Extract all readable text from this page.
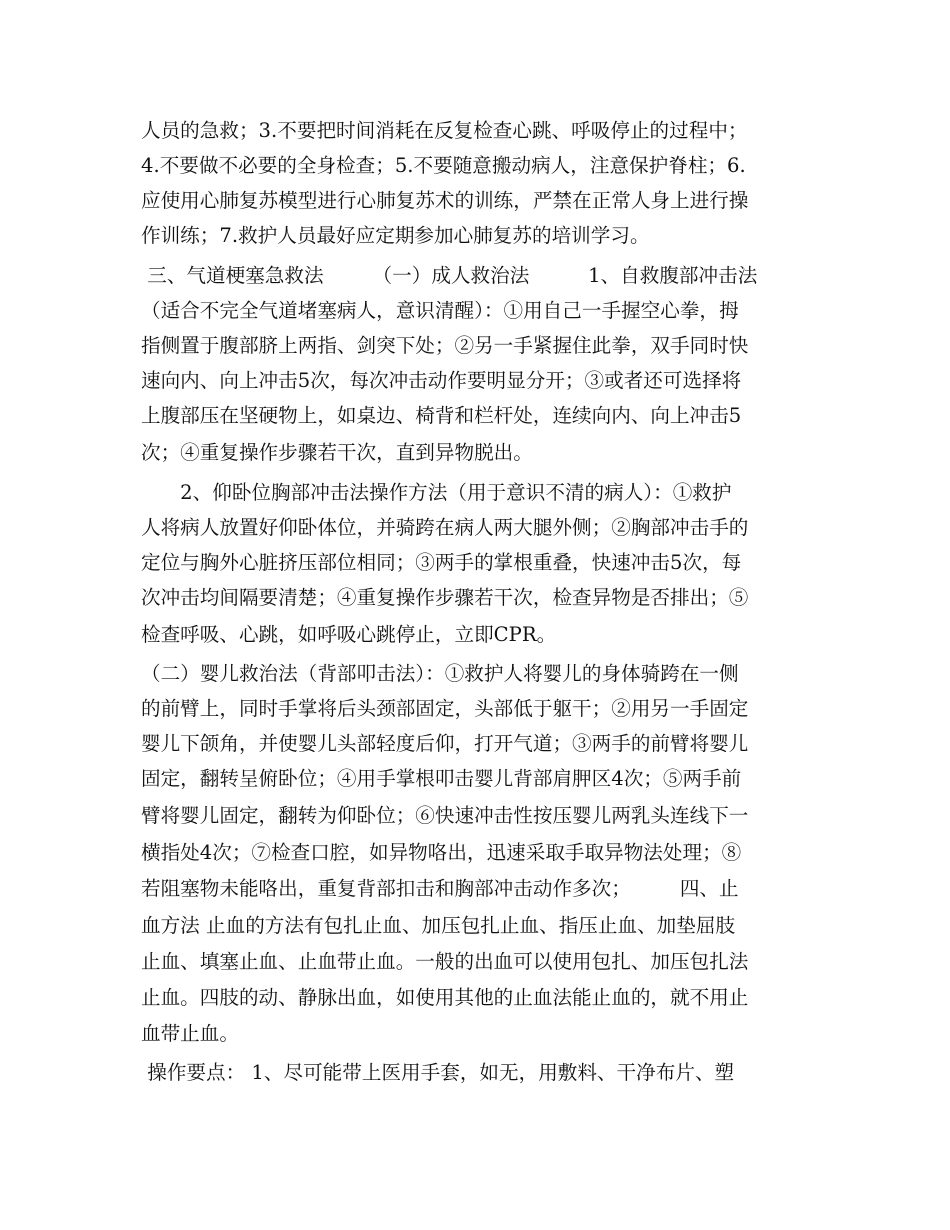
人员的急救；3.不要把时间消耗在反复检查心跳、呼吸停止的过程中；
4.不要做不必要的全身检查；5.不要随意搬动病人，注意保护脊柱；6.
应使用心肺复苏模型进行心肺复苏术的训练，严禁在正常人身上进行操
作训练；7.救护人员最好应定期参加心肺复苏的培训学习。
三、气道梗塞急救法　　　（一）成人救治法　　　1、自救腹部冲击法
（适合不完全气道堵塞病人，意识清醒）：①用自己一手握空心拳，拇
指侧置于腹部脐上两指、剑突下处；②另一手紧握住此拳，双手同时快
速向内、向上冲击5次，每次冲击动作要明显分开；③或者还可选择将
上腹部压在坚硬物上，如桌边、椅背和栏杆处，连续向内、向上冲击5
次；④重复操作步骤若干次，直到异物脱出。
　　2、仰卧位胸部冲击法操作方法（用于意识不清的病人）：①救护
人将病人放置好仰卧体位，并骑跨在病人两大腿外侧；②胸部冲击手的
定位与胸外心脏挤压部位相同；③两手的掌根重叠，快速冲击5次，每
次冲击均间隔要清楚；④重复操作步骤若干次，检查异物是否排出；⑤
检查呼吸、心跳，如呼吸心跳停止，立即CPR。
（二）婴儿救治法（背部叩击法）：①救护人将婴儿的身体骑跨在一侧
的前臂上，同时手掌将后头颈部固定，头部低于躯干；②用另一手固定
婴儿下颌角，并使婴儿头部轻度后仰，打开气道；③两手的前臂将婴儿
固定，翻转呈俯卧位；④用手掌根叩击婴儿背部肩胛区4次；⑤两手前
臂将婴儿固定，翻转为仰卧位；⑥快速冲击性按压婴儿两乳头连线下一
横指处4次；⑦检查口腔，如异物咯出，迅速采取手取异物法处理；⑧
若阻塞物未能咯出，重复背部扣击和胸部冲击动作多次；　　　四、止
血方法 止血的方法有包扎止血、加压包扎止血、指压止血、加垫屈肢
止血、填塞止血、止血带止血。一般的出血可以使用包扎、加压包扎法
止血。四肢的动、静脉出血，如使用其他的止血法能止血的，就不用止
血带止血。
操作要点： 1、尽可能带上医用手套，如无，用敷料、干净布片、塑
